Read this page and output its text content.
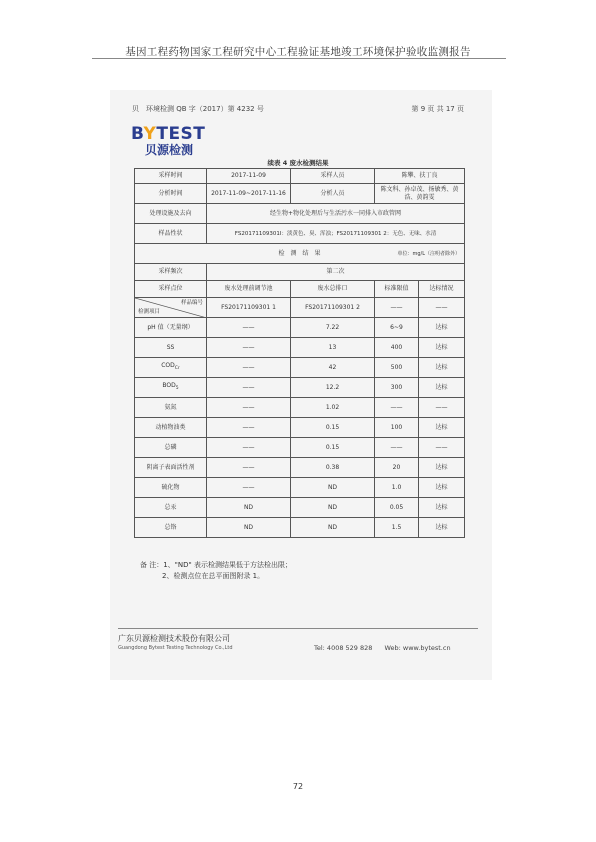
基因工程药物国家工程研究中心工程验证基地竣工环境保护验收监测报告
贝　环境检测 QB 字（2017）第 4232 号	第 9 页 共 17 页
BYTEST
贝源检测
续表 4 废水检测结果
采样时间	2017-11-09	采样人员	陈攀、扶丁良	
分析时间	2017-11-09~2017-11-16	分析人员	陈文科、孙卓茂、扬敏秀、黄浩、黄韵雯	
处理设施及去向	经生物+物化处理后与生活污水一同排入市政管网			
样品性状	FS20171109301I：淡黄色、臭、浑浊；FS20171109301 2：无色、无味、水清			
检　测　结　果 单位：mg/L（注明者除外）				

采样频次	第二次			
采样点位	废水处理前调节池	废水总排口	标准限值	达标情况

样品编号
检测项目	FS20171109301 1	FS20171109301 2	——	——
pH 值（无量纲）	——	7.22	6~9	达标
SS	——	13	400	达标
$COD_{Cr}$	——	42	500	达标
$BOD_5$	——	12.2	300	达标
氨氮	——	1.02	——	——
动植物油类	——	0.15	100	达标
总磷	——	0.15	——	——
阴离子表面活性剂	——	0.38	20	达标
硫化物	——	ND	1.0	达标
总汞	ND	ND	0.05	达标
总铬	ND	ND	1.5	达标
备 注：1、"ND" 表示检测结果低于方法检出限；
2、检测点位在总平面图附录 1。
广东贝源检测技术股份有限公司
Guangdong Bytest Testing Technology Co.,Ltd	Tel: 4008 529 828 Web: www.bytest.cn
72
